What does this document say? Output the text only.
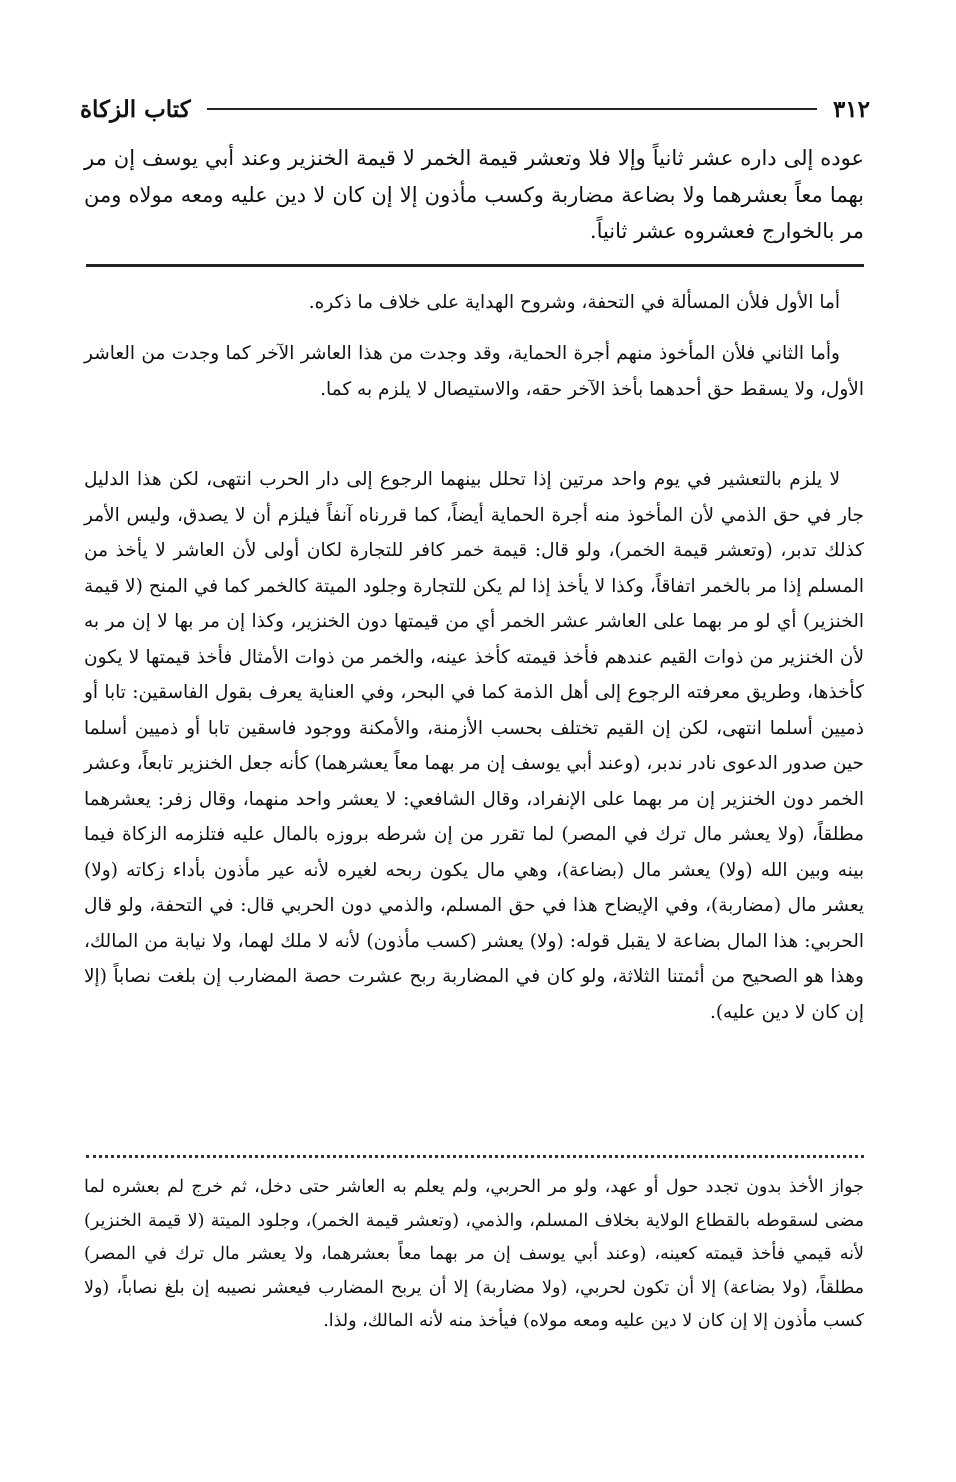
٣١٢
كتاب الزكاة

عوده إلى داره عشر ثانياً وإلا فلا وتعشر قيمة الخمر لا قيمة الخنزير وعند أبي يوسف إن مر بهما معاً بعشرهما ولا بضاعة مضاربة وكسب مأذون إلا إن كان لا دين عليه ومعه مولاه ومن مر بالخوارج فعشروه عشر ثانياً.

أما الأول فلأن المسألة في التحفة، وشروح الهداية على خلاف ما ذكره.

وأما الثاني فلأن المأخوذ منهم أجرة الحماية، وقد وجدت من هذا العاشر الآخر كما وجدت من العاشر الأول، ولا يسقط حق أحدهما بأخذ الآخر حقه، والاستيصال لا يلزم به كما.

لا يلزم بالتعشير في يوم واحد مرتين إذا تحلل بينهما الرجوع إلى دار الحرب انتهى، لكن هذا الدليل جار في حق الذمي لأن المأخوذ منه أجرة الحماية أيضاً، كما قررناه آنفاً فيلزم أن لا يصدق، وليس الأمر كذلك تدبر، (وتعشر قيمة الخمر)، ولو قال: قيمة خمر كافر للتجارة لكان أولى لأن العاشر لا يأخذ من المسلم إذا مر بالخمر اتفاقاً، وكذا لا يأخذ إذا لم يكن للتجارة وجلود الميتة كالخمر كما في المنح (لا قيمة الخنزير) أي لو مر بهما على العاشر عشر الخمر أي من قيمتها دون الخنزير، وكذا إن مر بها لا إن مر به لأن الخنزير من ذوات القيم عندهم فأخذ قيمته كأخذ عينه، والخمر من ذوات الأمثال فأخذ قيمتها لا يكون كأخذها، وطريق معرفته الرجوع إلى أهل الذمة كما في البحر، وفي العناية يعرف بقول الفاسقين: تابا أو ذميين أسلما انتهى، لكن إن القيم تختلف بحسب الأزمنة، والأمكنة ووجود فاسقين تابا أو ذميين أسلما حين صدور الدعوى نادر ندبر، (وعند أبي يوسف إن مر بهما معاً يعشرهما) كأنه جعل الخنزير تابعاً، وعشر الخمر دون الخنزير إن مر بهما على الإنفراد، وقال الشافعي: لا يعشر واحد منهما، وقال زفر: يعشرهما مطلقاً، (ولا يعشر مال ترك في المصر) لما تقرر من إن شرطه بروزه بالمال عليه فتلزمه الزكاة فيما بينه وبين الله (ولا) يعشر مال (بضاعة)، وهي مال يكون ربحه لغيره لأنه عير مأذون بأداء زكاته (ولا) يعشر مال (مضاربة)، وفي الإيضاح هذا في حق المسلم، والذمي دون الحربي قال: في التحفة، ولو قال الحربي: هذا المال بضاعة لا يقبل قوله: (ولا) يعشر (كسب مأذون) لأنه لا ملك لهما، ولا نيابة من المالك، وهذا هو الصحيح من أئمتنا الثلاثة، ولو كان في المضاربة ربح عشرت حصة المضارب إن بلغت نصاباً (إلا إن كان لا دين عليه).

جواز الأخذ بدون تجدد حول أو عهد، ولو مر الحربي، ولم يعلم به العاشر حتى دخل، ثم خرج لم بعشره لما مضى لسقوطه بالقطاع الولاية بخلاف المسلم، والذمي، (وتعشر قيمة الخمر)، وجلود الميتة (لا قيمة الخنزير) لأنه قيمي فأخذ قيمته كعينه، (وعند أبي يوسف إن مر بهما معاً بعشرهما، ولا يعشر مال ترك في المصر) مطلقاً، (ولا بضاعة) إلا أن تكون لحربي، (ولا مضاربة) إلا أن يربح المضارب فيعشر نصيبه إن بلغ نصاباً، (ولا كسب مأذون إلا إن كان لا دين عليه ومعه مولاه) فيأخذ منه لأنه المالك، ولذا.
